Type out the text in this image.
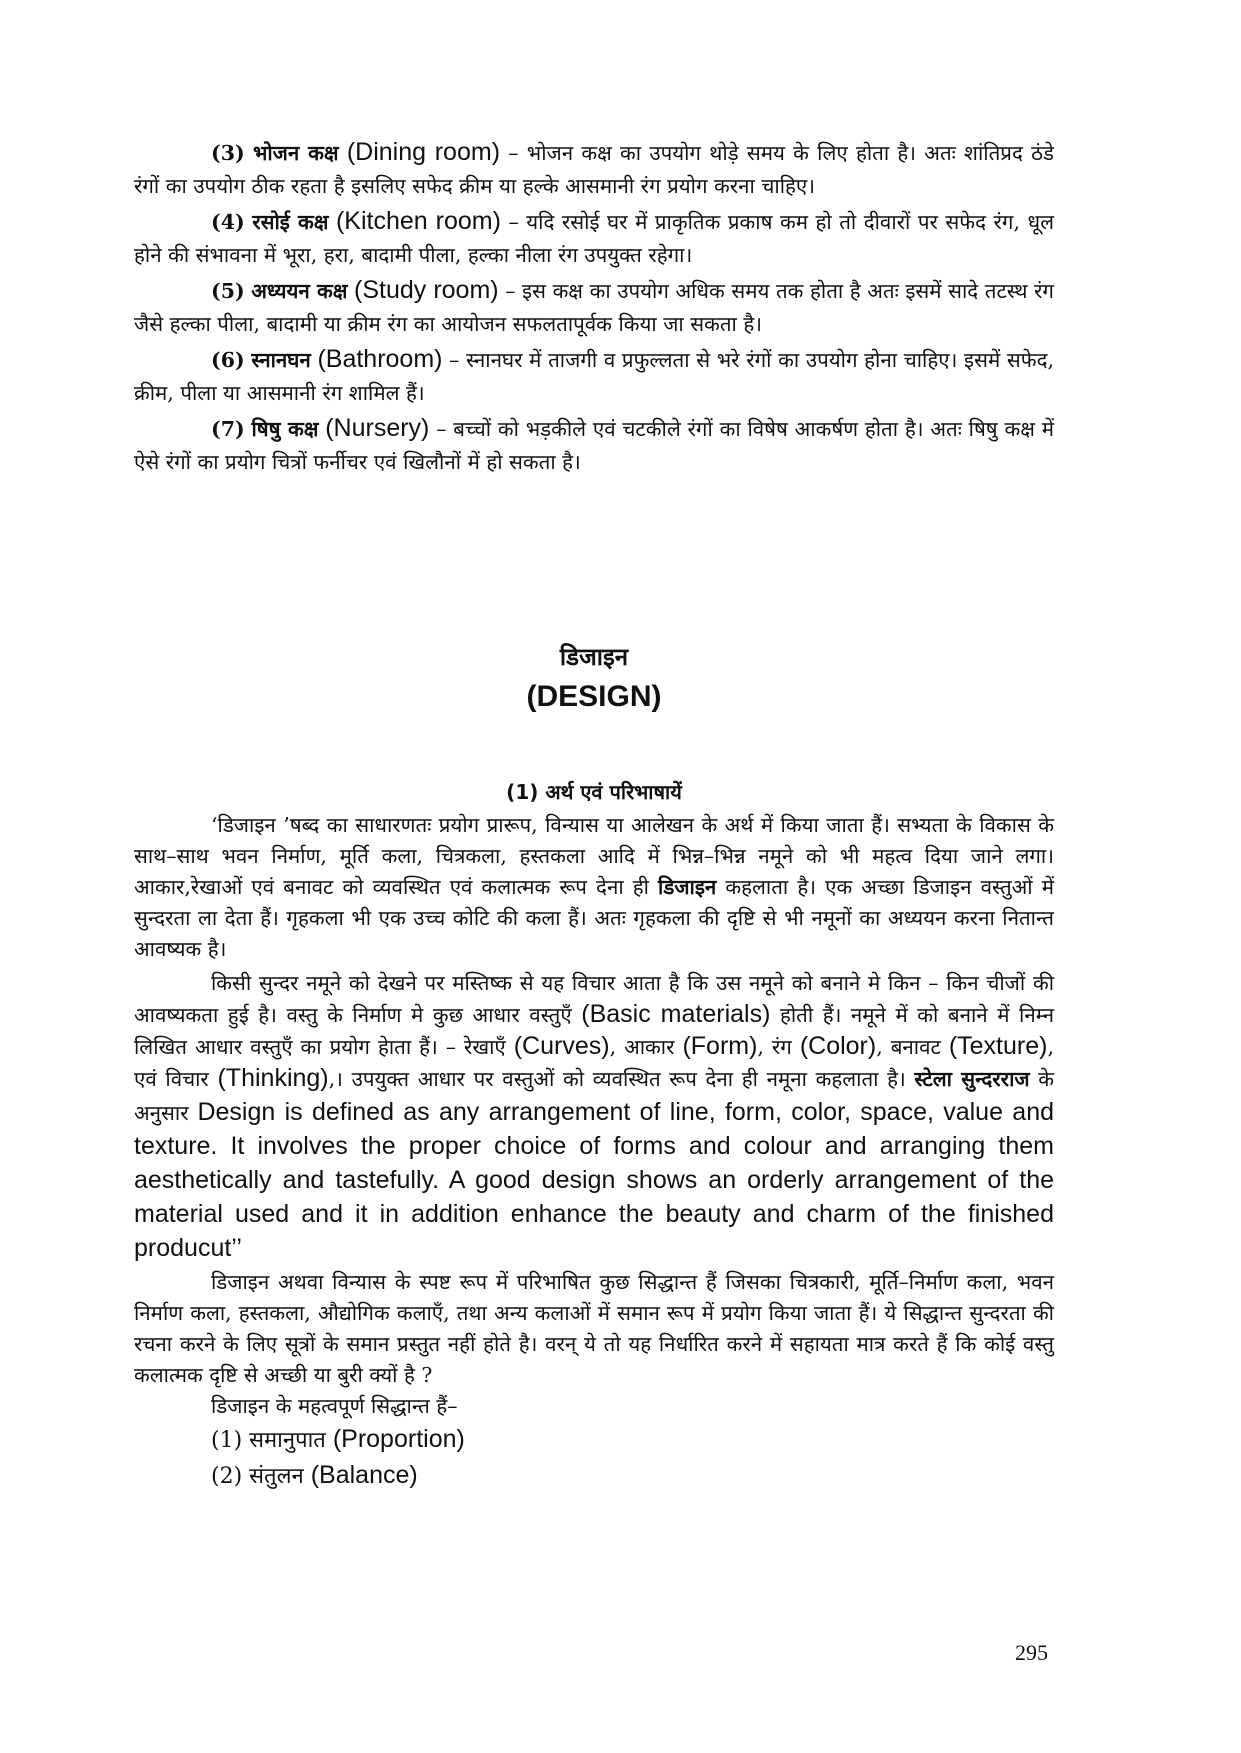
(3) भोजन कक्ष (Dining room) – भोजन कक्ष का उपयोग थोड़े समय के लिए होता है। अतः शांतिप्रद ठंडे रंगों का उपयोग ठीक रहता है इसलिए सफेद क्रीम या हल्के आसमानी रंग प्रयोग करना चाहिए।

(4) रसोई कक्ष (Kitchen room) – यदि रसोई घर में प्राकृतिक प्रकाष कम हो तो दीवारों पर सफेद रंग, धूल होने की संभावना में भूरा, हरा, बादामी पीला, हल्का नीला रंग उपयुक्त रहेगा।

(5) अध्ययन कक्ष (Study room) – इस कक्ष का उपयोग अधिक समय तक होता है अतः इसमें सादे तटस्थ रंग जैसे हल्का पीला, बादामी या क्रीम रंग का आयोजन सफलतापूर्वक किया जा सकता है।

(6) स्नानघन (Bathroom) – स्नानघर में ताजगी व प्रफुल्लता से भरे रंगों का उपयोग होना चाहिए। इसमें सफेद, क्रीम, पीला या आसमानी रंग शामिल हैं।

(7) षिषु कक्ष (Nursery) – बच्चों को भड़कीले एवं चटकीले रंगों का विषेष आकर्षण होता है। अतः षिषु कक्ष में ऐसे रंगों का प्रयोग चित्रों फर्नीचर एवं खिलौनों में हो सकता है।

डिजाइन
(DESIGN)
(1) अर्थ एवं परिभाषायें

‘डिजाइन ’षब्द का साधारणतः प्रयोग प्रारूप, विन्यास या आलेखन के अर्थ में किया जाता हैं। सभ्यता के विकास के साथ–साथ भवन निर्माण, मूर्ति कला, चित्रकला, हस्तकला आदि में भिन्न–भिन्न नमूने को भी महत्व दिया जाने लगा। आकार,रेखाओं एवं बनावट को व्यवस्थित एवं कलात्मक रूप देना ही डिजाइन कहलाता है। एक अच्छा डिजाइन वस्तुओं में सुन्दरता ला देता हैं। गृहकला भी एक उच्च कोटि की कला हैं। अतः गृहकला की दृष्टि से भी नमूनों का अध्ययन करना नितान्त आवष्यक है।

किसी सुन्दर नमूने को देखने पर मस्तिष्क से यह विचार आता है कि उस नमूने को बनाने मे किन – किन चीजों की आवष्यकता हुई है। वस्तु के निर्माण मे कुछ आधार वस्तुएँ (Basic materials) होती हैं। नमूने में को बनाने में निम्न लिखित आधार वस्तुएँ का प्रयोग हेाता हैं। – रेखाएँ (Curves), आकार (Form), रंग (Color), बनावट (Texture), एवं विचार (Thinking),। उपयुक्त आधार पर वस्तुओं को व्यवस्थित रूप देना ही नमूना कहलाता है। स्टेला सुन्दरराज के अनुसार Design is defined as any arrangement of line, form, color, space, value and texture. It involves the proper choice of forms and colour and arranging them aesthetically and tastefully. A good design shows an orderly arrangement of the material used and it in addition enhance the beauty and charm of the finished producut’’

डिजाइन अथवा विन्यास के स्पष्ट रूप में परिभाषित कुछ सिद्धान्त हैं जिसका चित्रकारी, मूर्ति–निर्माण कला, भवन निर्माण कला, हस्तकला, औद्योगिक कलाएँ, तथा अन्य कलाओं में समान रूप में प्रयोग किया जाता हैं। ये सिद्धान्त सुन्दरता की रचना करने के लिए सूत्रों के समान प्रस्तुत नहीं होते है। वरन् ये तो यह निर्धारित करने में सहायता मात्र करते हैं कि कोई वस्तु कलात्मक दृष्टि से अच्छी या बुरी क्यों है ?

डिजाइन के महत्वपूर्ण सिद्धान्त हैं–

(1) समानुपात (Proportion)

(2) संतुलन (Balance)

295
